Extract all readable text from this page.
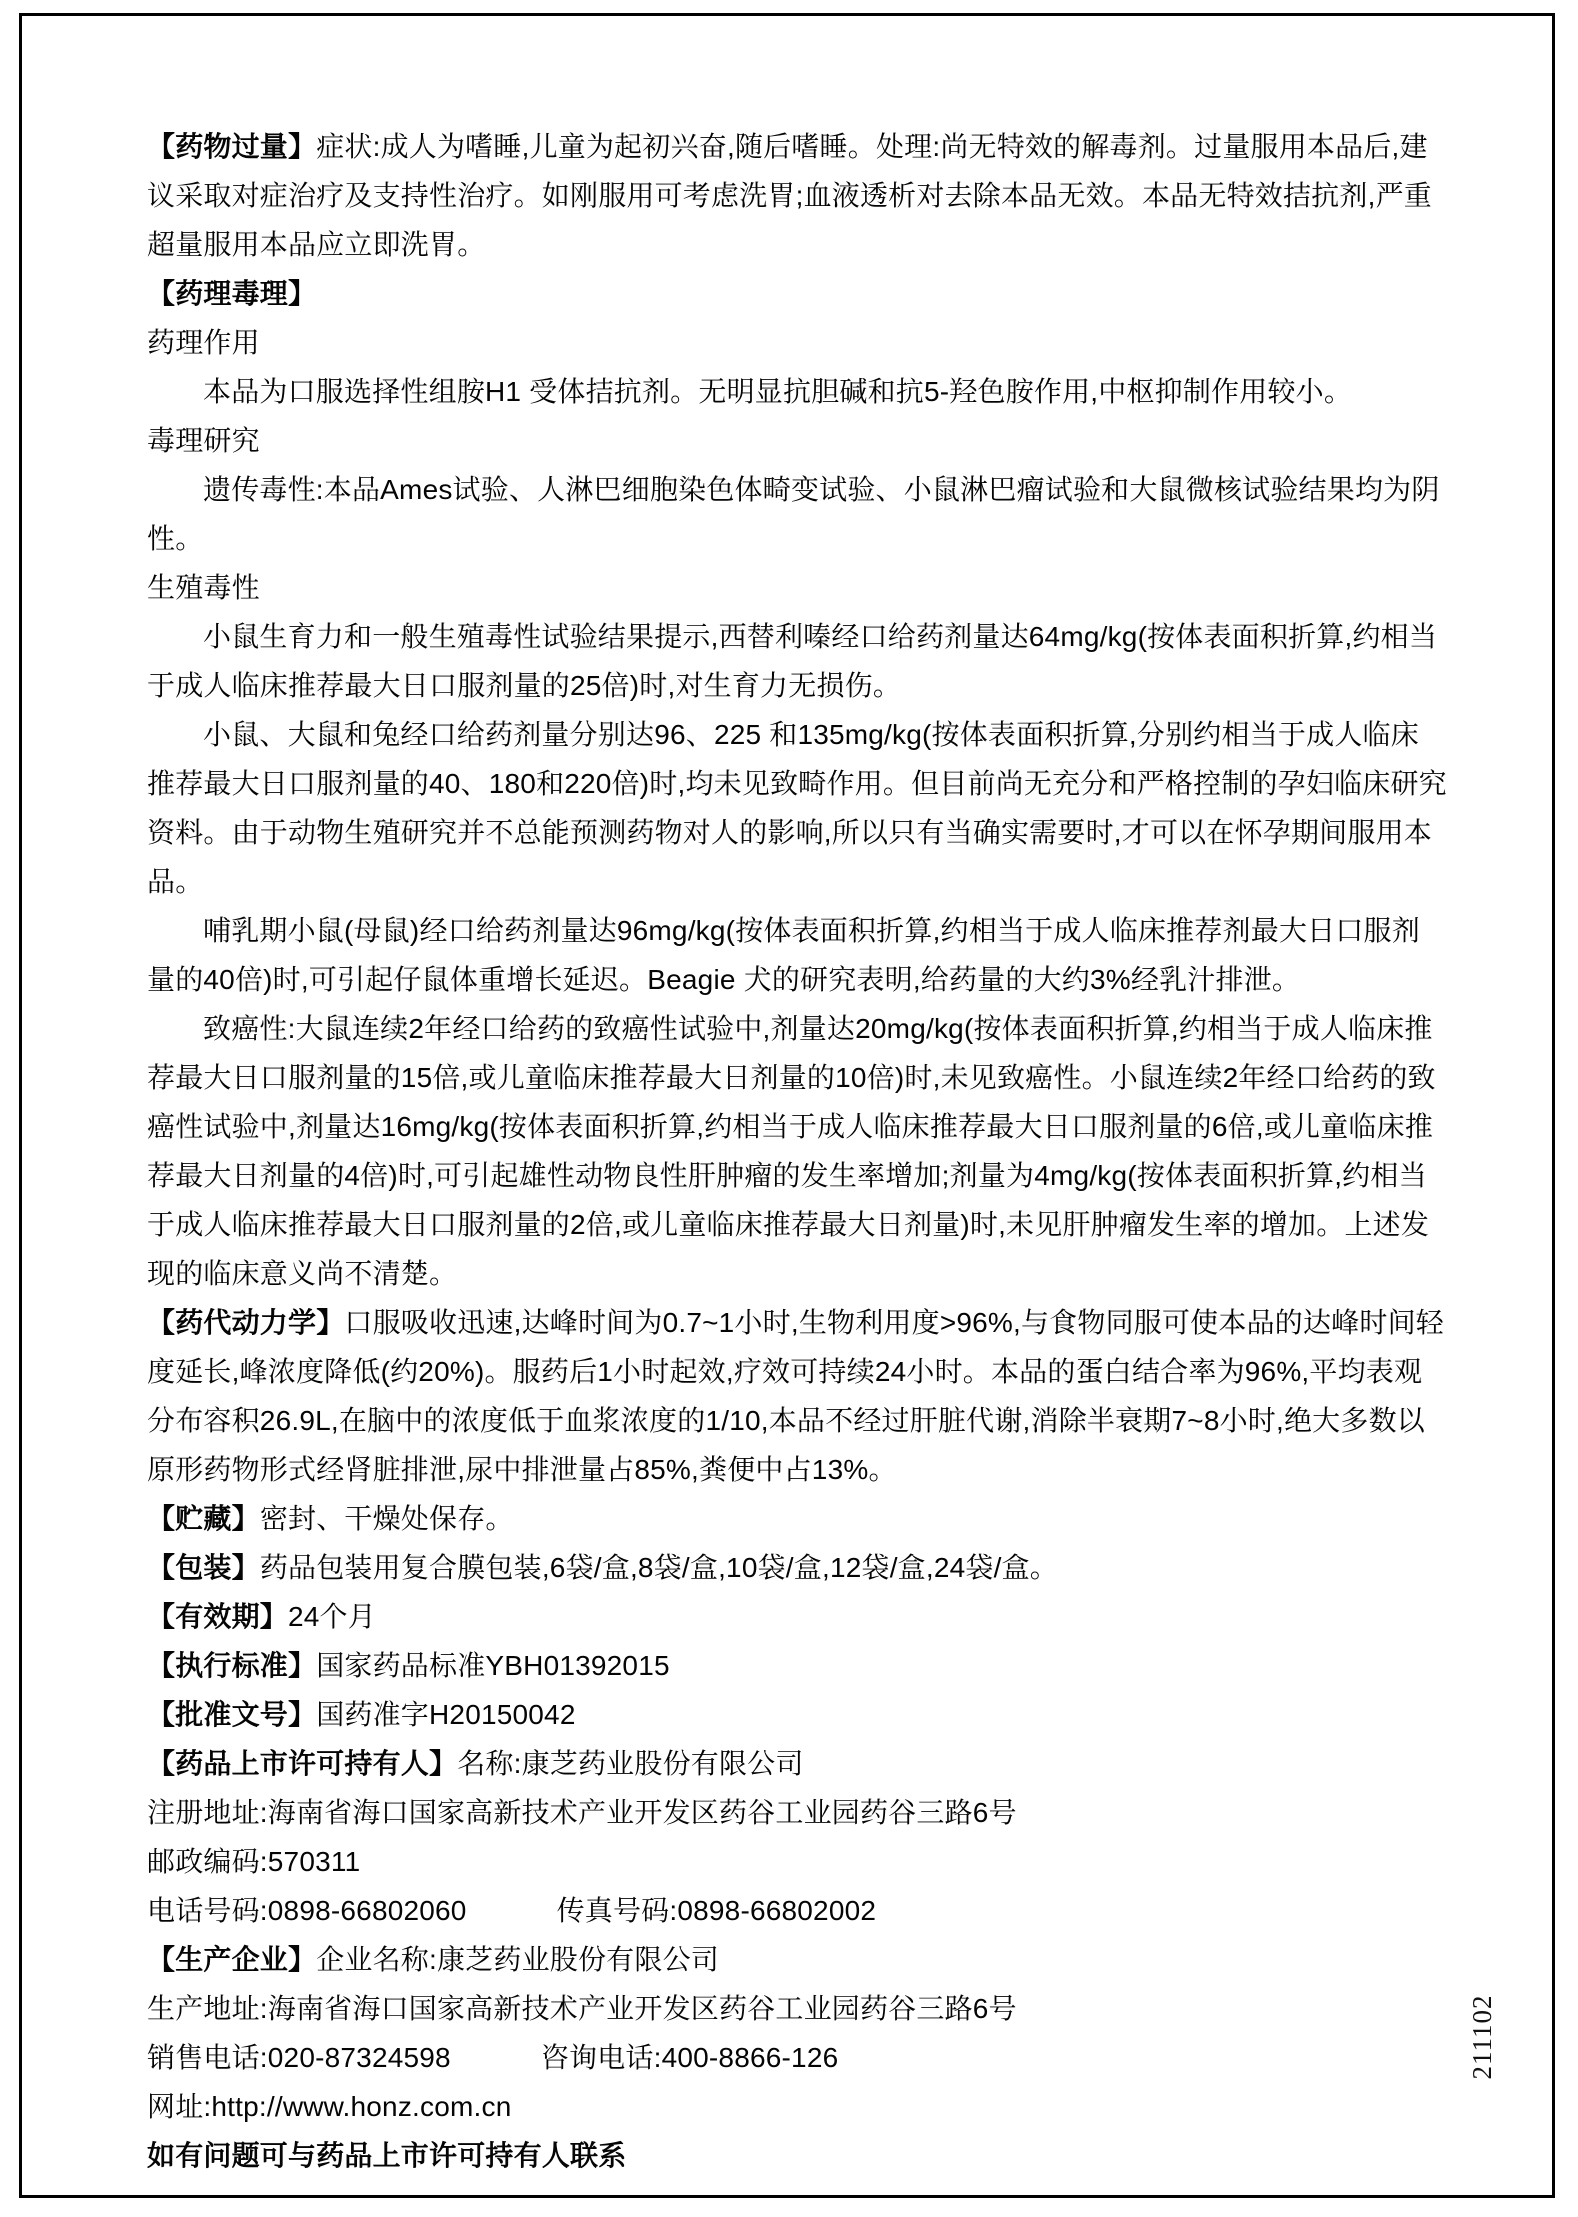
【药物过量】症状:成人为嗜睡,儿童为起初兴奋,随后嗜睡。处理:尚无特效的解毒剂。过量服用本品后,建议采取对症治疗及支持性治疗。如刚服用可考虑洗胃;血液透析对去除本品无效。本品无特效拮抗剂,严重超量服用本品应立即洗胃。

【药理毒理】

药理作用

本品为口服选择性组胺H1 受体拮抗剂。无明显抗胆碱和抗5-羟色胺作用,中枢抑制作用较小。

毒理研究

遗传毒性:本品Ames试验、人淋巴细胞染色体畸变试验、小鼠淋巴瘤试验和大鼠微核试验结果均为阴性。

生殖毒性

小鼠生育力和一般生殖毒性试验结果提示,西替利嗪经口给药剂量达64mg/kg(按体表面积折算,约相当于成人临床推荐最大日口服剂量的25倍)时,对生育力无损伤。

小鼠、大鼠和兔经口给药剂量分别达96、225 和135mg/kg(按体表面积折算,分别约相当于成人临床推荐最大日口服剂量的40、180和220倍)时,均未见致畸作用。但目前尚无充分和严格控制的孕妇临床研究资料。由于动物生殖研究并不总能预测药物对人的影响,所以只有当确实需要时,才可以在怀孕期间服用本品。

哺乳期小鼠(母鼠)经口给药剂量达96mg/kg(按体表面积折算,约相当于成人临床推荐剂最大日口服剂量的40倍)时,可引起仔鼠体重增长延迟。Beagie 犬的研究表明,给药量的大约3%经乳汁排泄。

致癌性:大鼠连续2年经口给药的致癌性试验中,剂量达20mg/kg(按体表面积折算,约相当于成人临床推荐最大日口服剂量的15倍,或儿童临床推荐最大日剂量的10倍)时,未见致癌性。小鼠连续2年经口给药的致癌性试验中,剂量达16mg/kg(按体表面积折算,约相当于成人临床推荐最大日口服剂量的6倍,或儿童临床推荐最大日剂量的4倍)时,可引起雄性动物良性肝肿瘤的发生率增加;剂量为4mg/kg(按体表面积折算,约相当于成人临床推荐最大日口服剂量的2倍,或儿童临床推荐最大日剂量)时,未见肝肿瘤发生率的增加。上述发现的临床意义尚不清楚。

【药代动力学】口服吸收迅速,达峰时间为0.7~1小时,生物利用度>96%,与食物同服可使本品的达峰时间轻度延长,峰浓度降低(约20%)。服药后1小时起效,疗效可持续24小时。本品的蛋白结合率为96%,平均表观分布容积26.9L,在脑中的浓度低于血浆浓度的1/10,本品不经过肝脏代谢,消除半衰期7~8小时,绝大多数以原形药物形式经肾脏排泄,尿中排泄量占85%,粪便中占13%。

【贮藏】密封、干燥处保存。

【包装】药品包装用复合膜包装,6袋/盒,8袋/盒,10袋/盒,12袋/盒,24袋/盒。

【有效期】24个月

【执行标准】国家药品标准YBH01392015

【批准文号】国药准字H20150042

【药品上市许可持有人】名称:康芝药业股份有限公司

注册地址:海南省海口国家高新技术产业开发区药谷工业园药谷三路6号

邮政编码:570311

电话号码:0898-66802060	传真号码:0898-66802002

【生产企业】企业名称:康芝药业股份有限公司

生产地址:海南省海口国家高新技术产业开发区药谷工业园药谷三路6号

销售电话:020-87324598	咨询电话:400-8866-126

网址:http://www.honz.com.cn

如有问题可与药品上市许可持有人联系

211102
